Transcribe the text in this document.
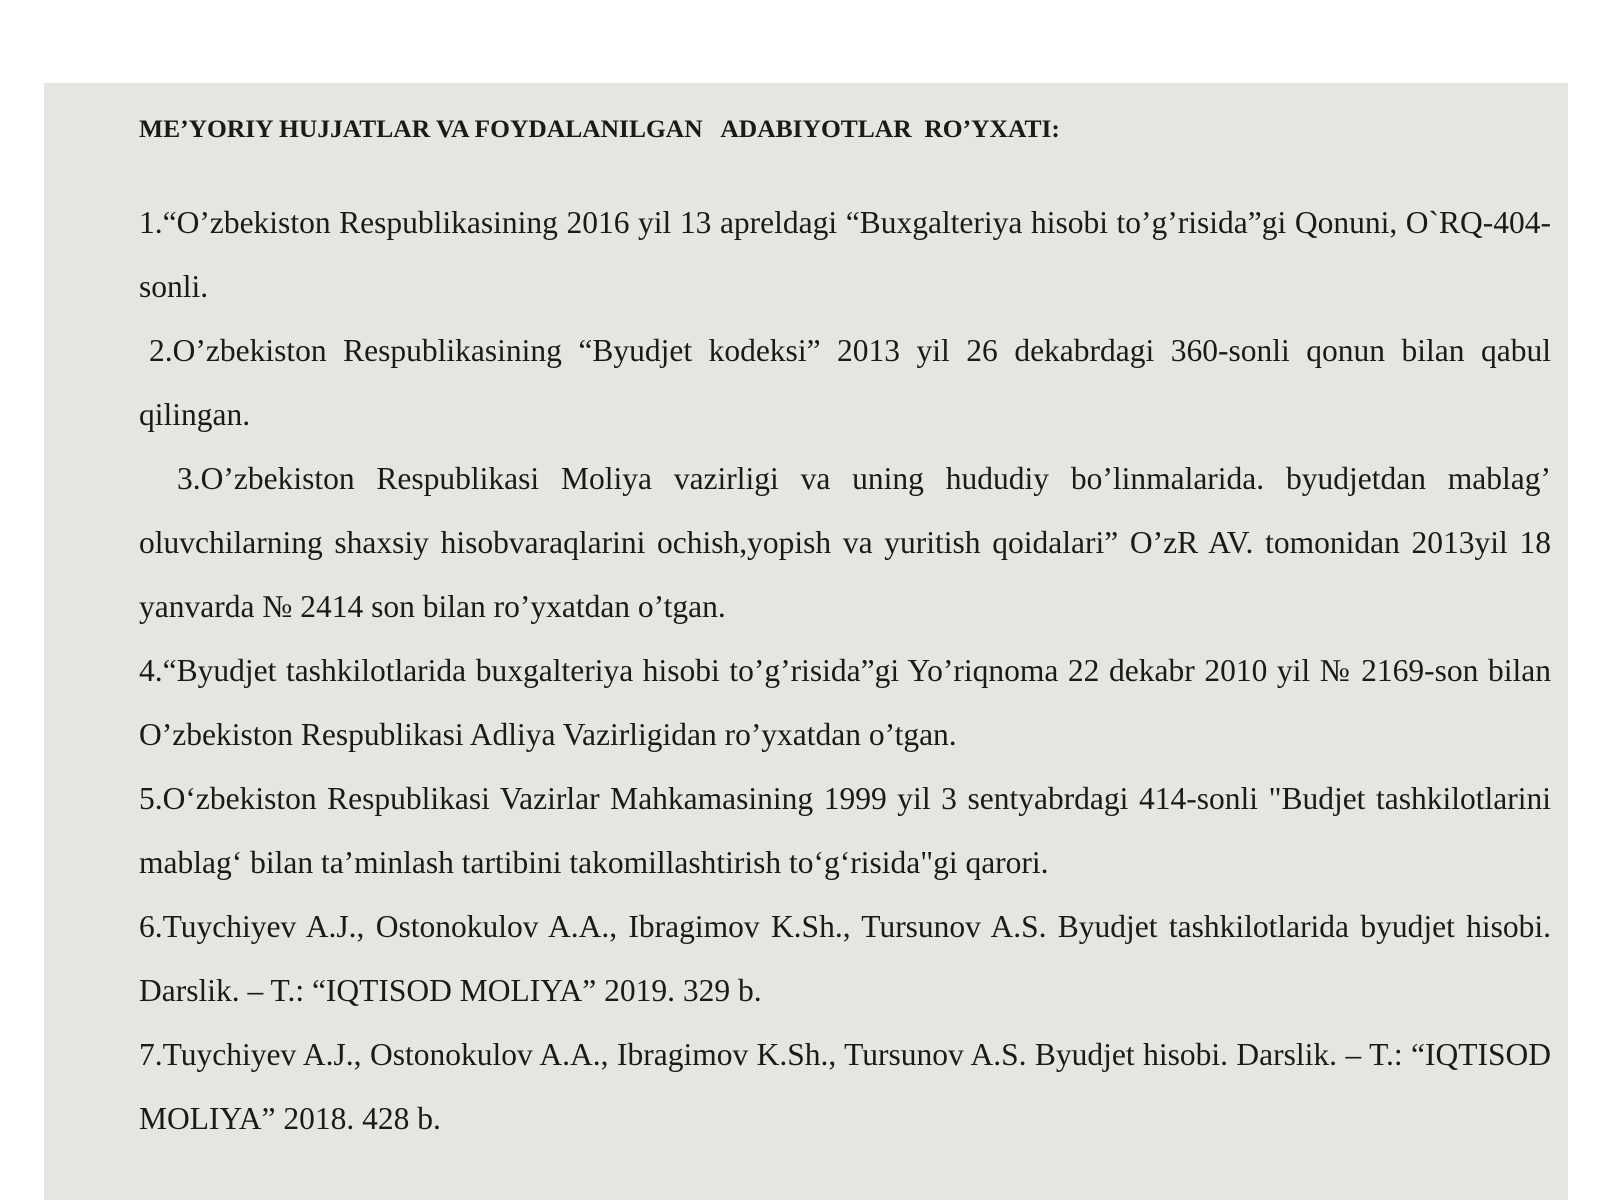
ME’YORIY HUJJATLAR VA FOYDALANILGAN   ADABIYOTLAR  RO’YXATI:

1.“O’zbekiston Respublikasining 2016 yil 13 apreldagi “Buxgalteriya hisobi to’g’risida”gi Qonuni, O`RQ-404-sonli.

2.O’zbekiston Respublikasining “Byudjet kodeksi” 2013 yil 26 dekabrdagi 360-sonli qonun bilan qabul qilingan.

3.O’zbekiston Respublikasi Moliya vazirligi va uning hududiy bo’linmalarida. byudjetdan mablag’ oluvchilarning shaxsiy hisobvaraqlarini ochish,yopish va yuritish qoidalari” O’zR AV. tomonidan 2013yil 18 yanvarda № 2414 son bilan ro’yxatdan o’tgan.

4.“Byudjet tashkilotlarida buxgalteriya hisobi to’g’risida”gi Yo’riqnoma 22 dekabr 2010 yil № 2169-son bilan O’zbekiston Respublikasi Adliya Vazirligidan ro’yxatdan o’tgan.

5.O‘zbekiston Respublikasi Vazirlar Mahkamasining 1999 yil 3 sentyabrdagi 414-sonli "Budjet tashkilotlarini mablag‘ bilan ta’minlash tartibini takomillashtirish to‘g‘risida"gi qarori.

6.Tuychiyev A.J., Ostonokulov A.A., Ibragimov K.Sh., Tursunov A.S. Byudjet tashkilotlarida byudjet hisobi. Darslik. – T.: “IQTISOD MOLIYA” 2019. 329 b.

7.Tuychiyev A.J., Ostonokulov A.A., Ibragimov K.Sh., Tursunov A.S. Byudjet hisobi. Darslik. – T.: “IQTISOD MOLIYA” 2018. 428 b.
